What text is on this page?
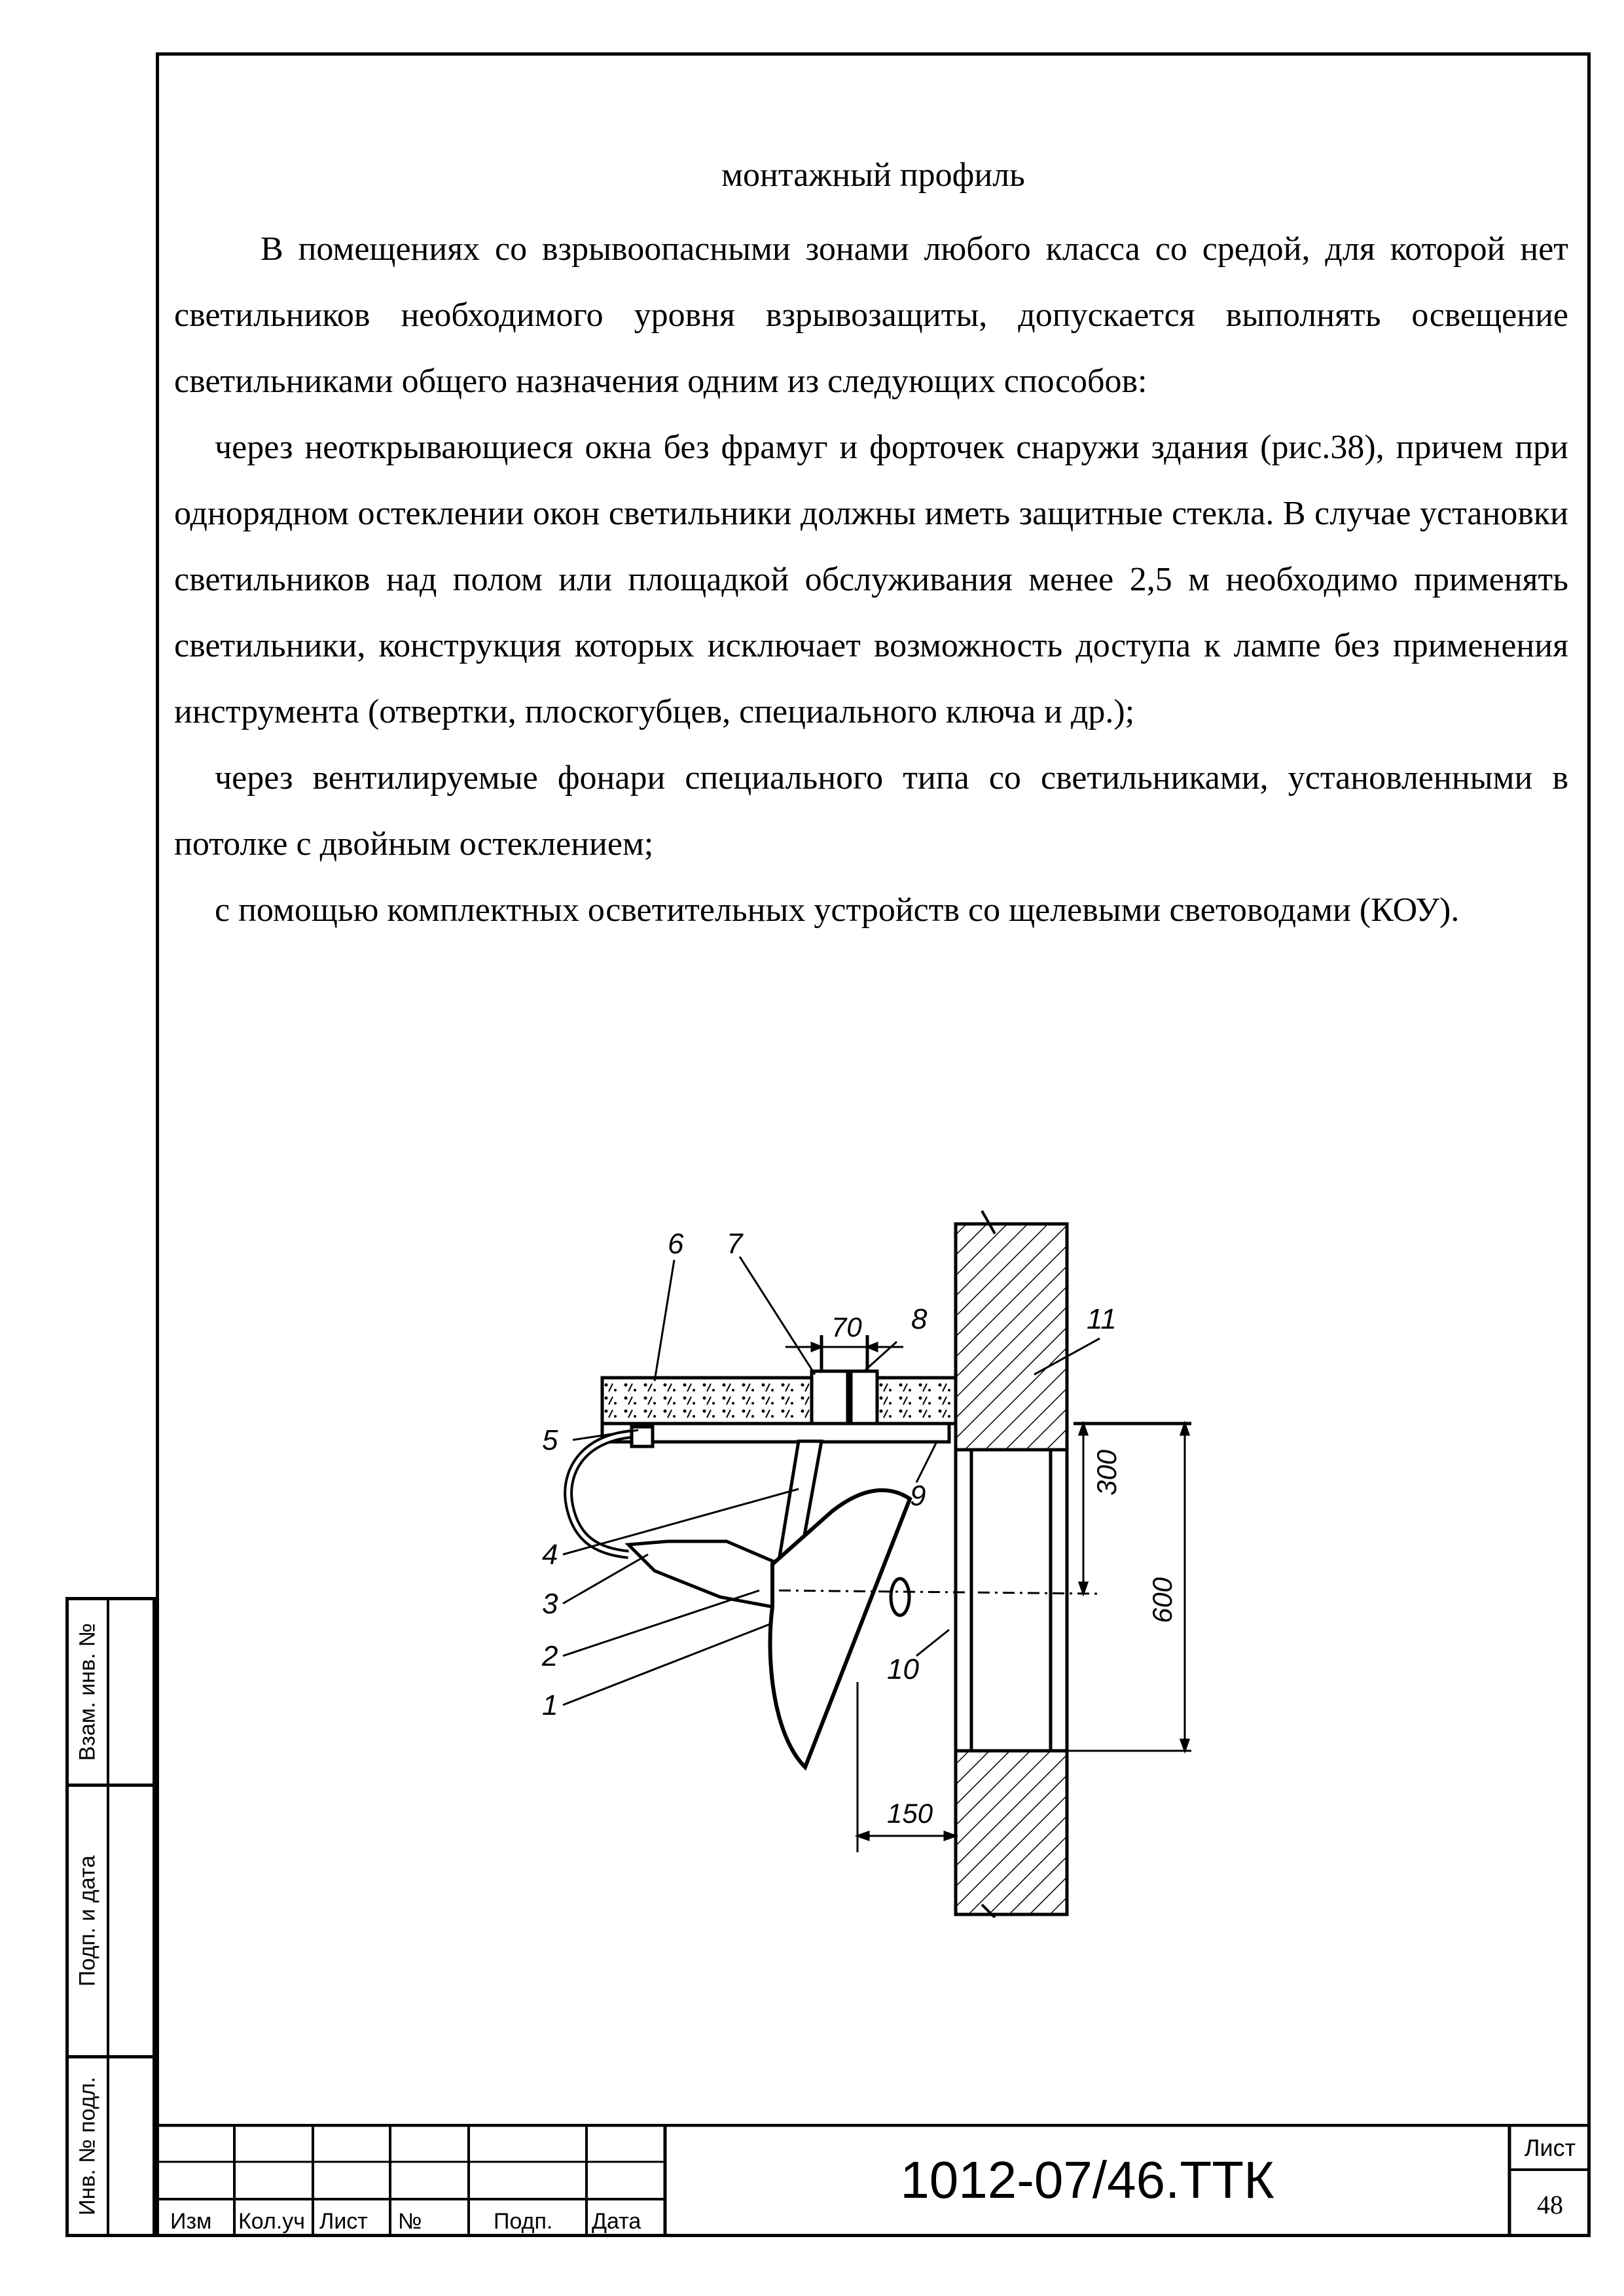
монтажный профиль

В помещениях со взрывоопасными зонами любого класса со средой, для которой нет светильников необходимого уровня взрывозащиты, допускается выполнять освещение светильниками общего назначения одним из следующих способов:

через неоткрывающиеся окна без фрамуг и форточек снаружи здания (рис.38), причем при однорядном остеклении окон светильники должны иметь защитные стекла. В случае установки светильников над полом или площадкой обслуживания менее 2,5 м необходимо применять светильники, конструкция которых исключает возможность доступа к лампе без применения инструмента (отвертки, плоскогубцев, специального ключа и др.);

через вентилируемые фонари специального типа со светильниками, установленными в потолке с двойным остеклением;

с помощью комплектных осветительных устройств со щелевыми световодами (КОУ).

70
300
600
150
1
2
3
4
5
6 7
8
9
10
11
Взам. инв. №
Подп. и дата
Инв. № подл.
Изм Кол.уч Лист №	Подп. Дата
1012-07/46.ТТК
Лист
48
